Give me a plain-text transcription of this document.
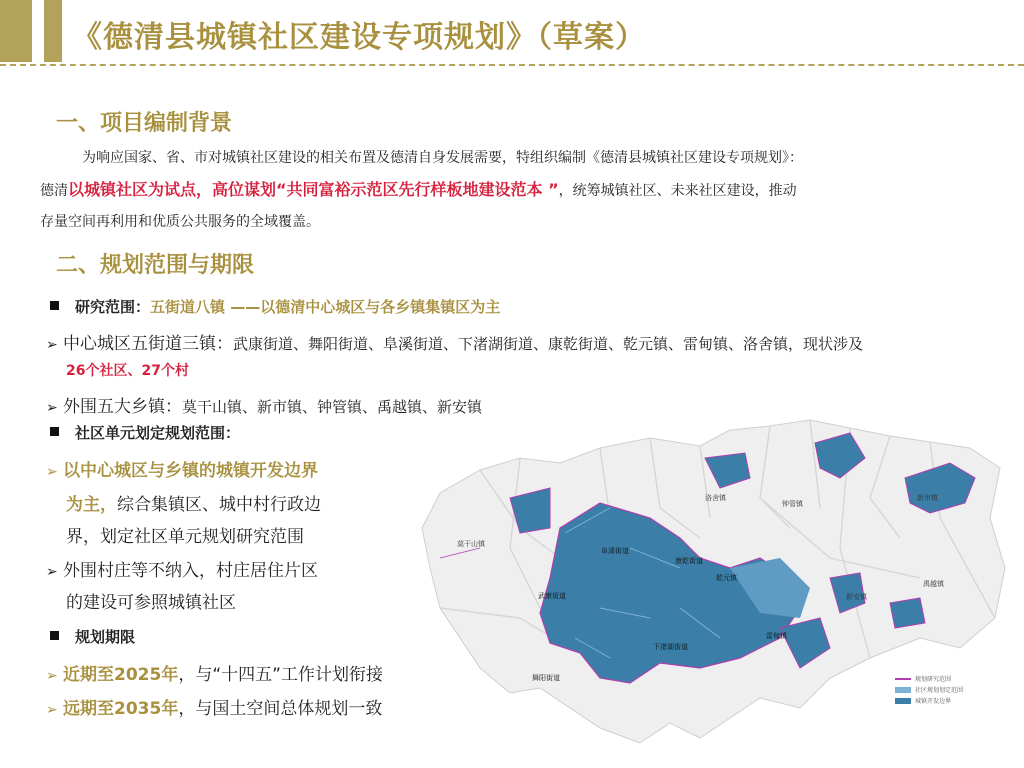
《德清县城镇社区建设专项规划》（草案）
一、项目编制背景
为响应国家、省、市对城镇社区建设的相关布置及德清自身发展需要，特组织编制《德清县城镇社区建设专项规划》：
德清以城镇社区为试点，高位谋划“共同富裕示范区先行样板地建设范本 ”，统筹城镇社区、未来社区建设，推动
存量空间再利用和优质公共服务的全域覆盖。
二、规划范围与期限
研究范围：五街道八镇 ——以德清中心城区与各乡镇集镇区为主
➢ 中心城区五街道三镇：武康街道、舞阳街道、阜溪街道、下渚湖街道、康乾街道、乾元镇、雷甸镇、洛舍镇，现状涉及
26个社区、27个村
➢ 外围五大乡镇：莫干山镇、新市镇、钟管镇、禹越镇、新安镇
社区单元划定规划范围：
➢ 以中心城区与乡镇的城镇开发边界
为主，综合集镇区、城中村行政边
界，划定社区单元规划研究范围
➢ 外围村庄等不纳入，村庄居住片区
的建设可参照城镇社区
规划期限
➢ 近期至2025年，与“十四五”工作计划衔接
➢ 远期至2035年，与国土空间总体规划一致
莫干山镇
洛舍镇
钟管镇
新市镇
阜溪街道
康乾街道
乾元镇
武康街道	新安镇
禹越镇
雷甸镇
下渚湖街道
舞阳街道	规划研究范围
社区规划划定范围
城镇开发边界
